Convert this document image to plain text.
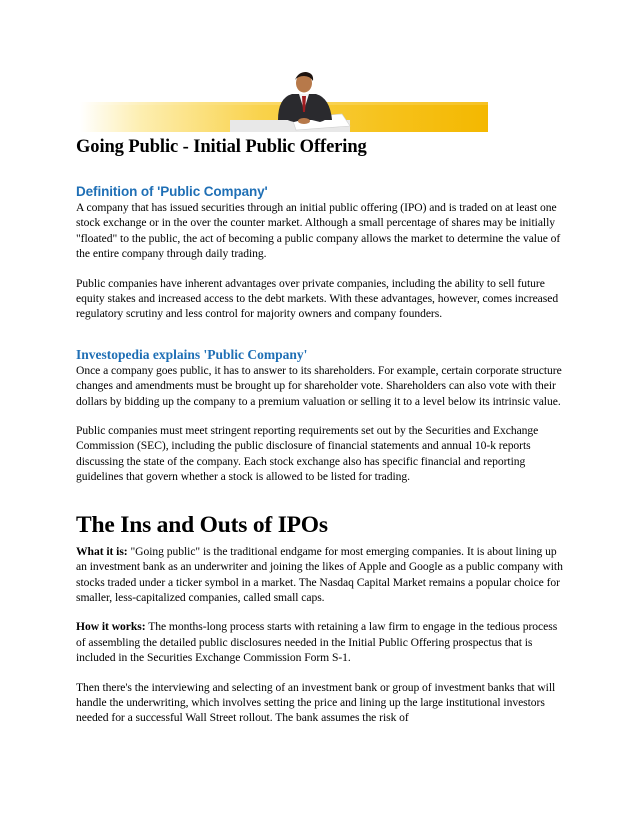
Going Public - Initial Public Offering
Definition of 'Public Company'

A company that has issued securities through an initial public offering (IPO) and is traded on at least one stock exchange or in the over the counter market. Although a small percentage of shares may be initially "floated" to the public, the act of becoming a public company allows the market to determine the value of the entire company through daily trading.

Public companies have inherent advantages over private companies, including the ability to sell future equity stakes and increased access to the debt markets. With these advantages, however, comes increased regulatory scrutiny and less control for majority owners and company founders.

Investopedia explains 'Public Company'

Once a company goes public, it has to answer to its shareholders. For example, certain corporate structure changes and amendments must be brought up for shareholder vote. Shareholders can also vote with their dollars by bidding up the company to a premium valuation or selling it to a level below its intrinsic value.

Public companies must meet stringent reporting requirements set out by the Securities and Exchange Commission (SEC), including the public disclosure of financial statements and annual 10-k reports discussing the state of the company. Each stock exchange also has specific financial and reporting guidelines that govern whether a stock is allowed to be listed for trading.

The Ins and Outs of IPOs

What it is: "Going public" is the traditional endgame for most emerging companies. It is about lining up an investment bank as an underwriter and joining the likes of Apple and Google as a public company with stocks traded under a ticker symbol in a market. The Nasdaq Capital Market remains a popular choice for smaller, less-capitalized companies, called small caps.

How it works: The months-long process starts with retaining a law firm to engage in the tedious process of assembling the detailed public disclosures needed in the Initial Public Offering prospectus that is included in the Securities Exchange Commission Form S-1.

Then there's the interviewing and selecting of an investment bank or group of investment banks that will handle the underwriting, which involves setting the price and lining up the large institutional investors needed for a successful Wall Street rollout. The bank assumes the risk of
